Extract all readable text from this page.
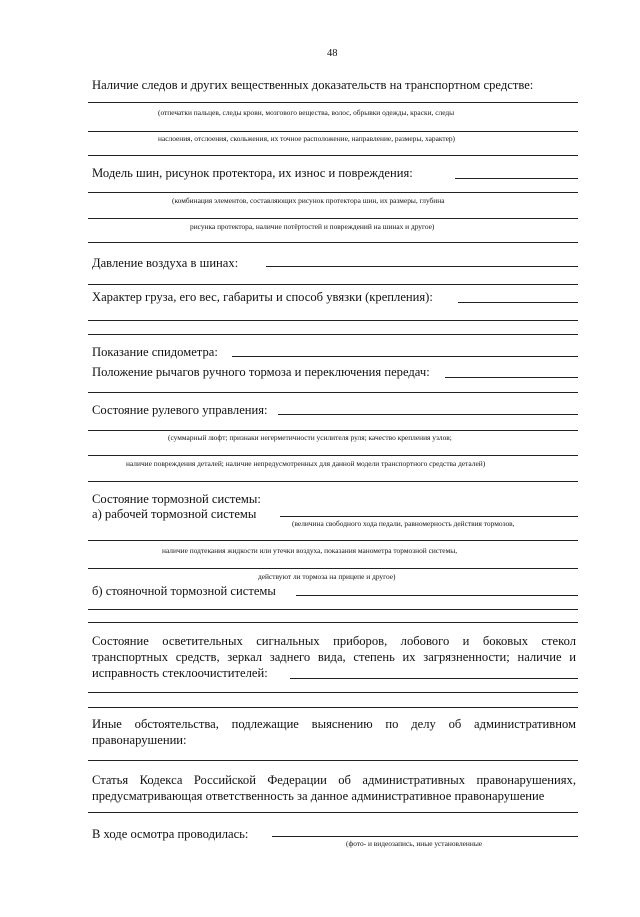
48
Наличие следов и других вещественных доказательств на транспортном средстве:
(отпечатки пальцев, следы крови, мозгового вещества, волос, обрывки одежды, краски, следы
наслоения, отслоения, скольжения, их точное расположение, направление, размеры, характер)
Модель шин, рисунок протектора, их износ и повреждения:
(комбинация элементов, составляющих рисунок протектора шин, их размеры, глубина
рисунка протектора, наличие потёртостей и повреждений на шинах и другое)
Давление воздуха в шинах:
Характер груза, его вес, габариты и способ увязки (крепления):
Показание спидометра:
Положение рычагов ручного тормоза и переключения передач:
Состояние рулевого управления:
(суммарный люфт; признаки негерметичности усилителя руля; качество крепления узлов;
наличие повреждения деталей; наличие непредусмотренных для данной модели транспортного средства деталей)
Состояние тормозной системы:
а) рабочей тормозной системы
(величина свободного хода педали, равномерность действия тормозов,
наличие подтекания жидкости или утечки воздуха, показания манометра тормозной системы,
действуют ли тормоза на прицепе и другое)
б) стояночной тормозной системы
Состояние осветительных сигнальных приборов, лобового и боковых стекол транспортных средств, зеркал заднего вида, степень их загрязненности; наличие и исправность стеклоочистителей:
Иные обстоятельства, подлежащие выяснению по делу об административном правонарушении:
Статья Кодекса Российской Федерации об административных правонарушениях, предусматривающая ответственность за данное административное правонарушение
В ходе осмотра проводилась:
(фото- и видеозапись, иные установленные
